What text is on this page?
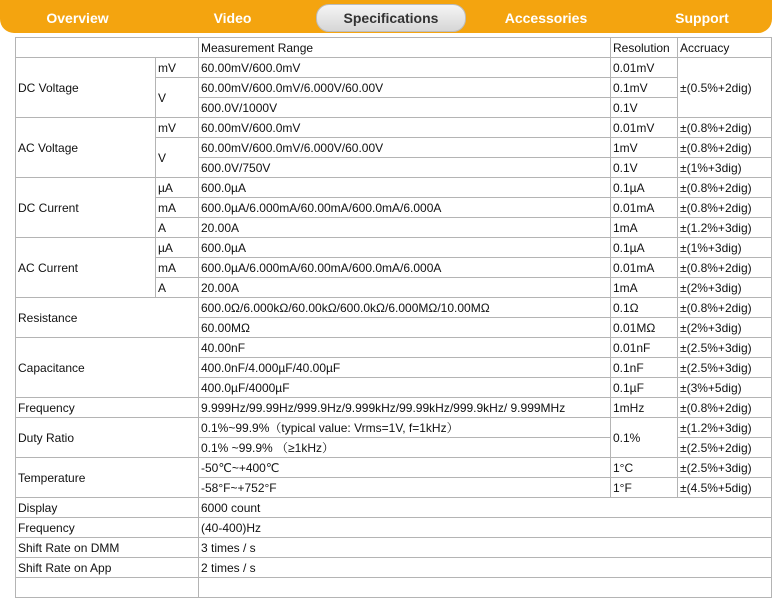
Overview	Video	Specifications	Accessories	Support
		Measurement Range	Resolution	Accruacy
DC Voltage	mV	60.00mV/600.0mV	0.01mV	±(0.5%+2dig)
	V	60.00mV/600.0mV/6.000V/60.00V	0.1mV	
		600.0V/1000V	0.1V	
AC Voltage	mV	60.00mV/600.0mV	0.01mV	±(0.8%+2dig)
	V	60.00mV/600.0mV/6.000V/60.00V	1mV	±(0.8%+2dig)
		600.0V/750V	0.1V	±(1%+3dig)
DC Current	µA	600.0µA	0.1µA	±(0.8%+2dig)
	mA	600.0µA/6.000mA/60.00mA/600.0mA/6.000A	0.01mA	±(0.8%+2dig)
	A	20.00A	1mA	±(1.2%+3dig)
AC Current	µA	600.0µA	0.1µA	±(1%+3dig)
	mA	600.0µA/6.000mA/60.00mA/600.0mA/6.000A	0.01mA	±(0.8%+2dig)
	A	20.00A	1mA	±(2%+3dig)
Resistance		600.0Ω/6.000kΩ/60.00kΩ/600.0kΩ/6.000MΩ/10.00MΩ	0.1Ω	±(0.8%+2dig)
		60.00MΩ	0.01MΩ	±(2%+3dig)
Capacitance		40.00nF	0.01nF	±(2.5%+3dig)
		400.0nF/4.000µF/40.00µF	0.1nF	±(2.5%+3dig)
		400.0µF/4000µF	0.1µF	±(3%+5dig)
Frequency		9.999Hz/99.99Hz/999.9Hz/9.999kHz/99.99kHz/999.9kHz/ 9.999MHz	1mHz	±(0.8%+2dig)
Duty Ratio		0.1%~99.9%（typical value: Vrms=1V, f=1kHz）	0.1%	±(1.2%+3dig)
		0.1% ~99.9% （≥1kHz）		±(2.5%+2dig)
Temperature		-50℃~+400℃	1°C	±(2.5%+3dig)
		-58°F~+752°F	1°F	±(4.5%+5dig)
Display		6000 count		
Frequency		(40-400)Hz		
Shift Rate on DMM		3 times / s		
Shift Rate on App		2 times / s		
